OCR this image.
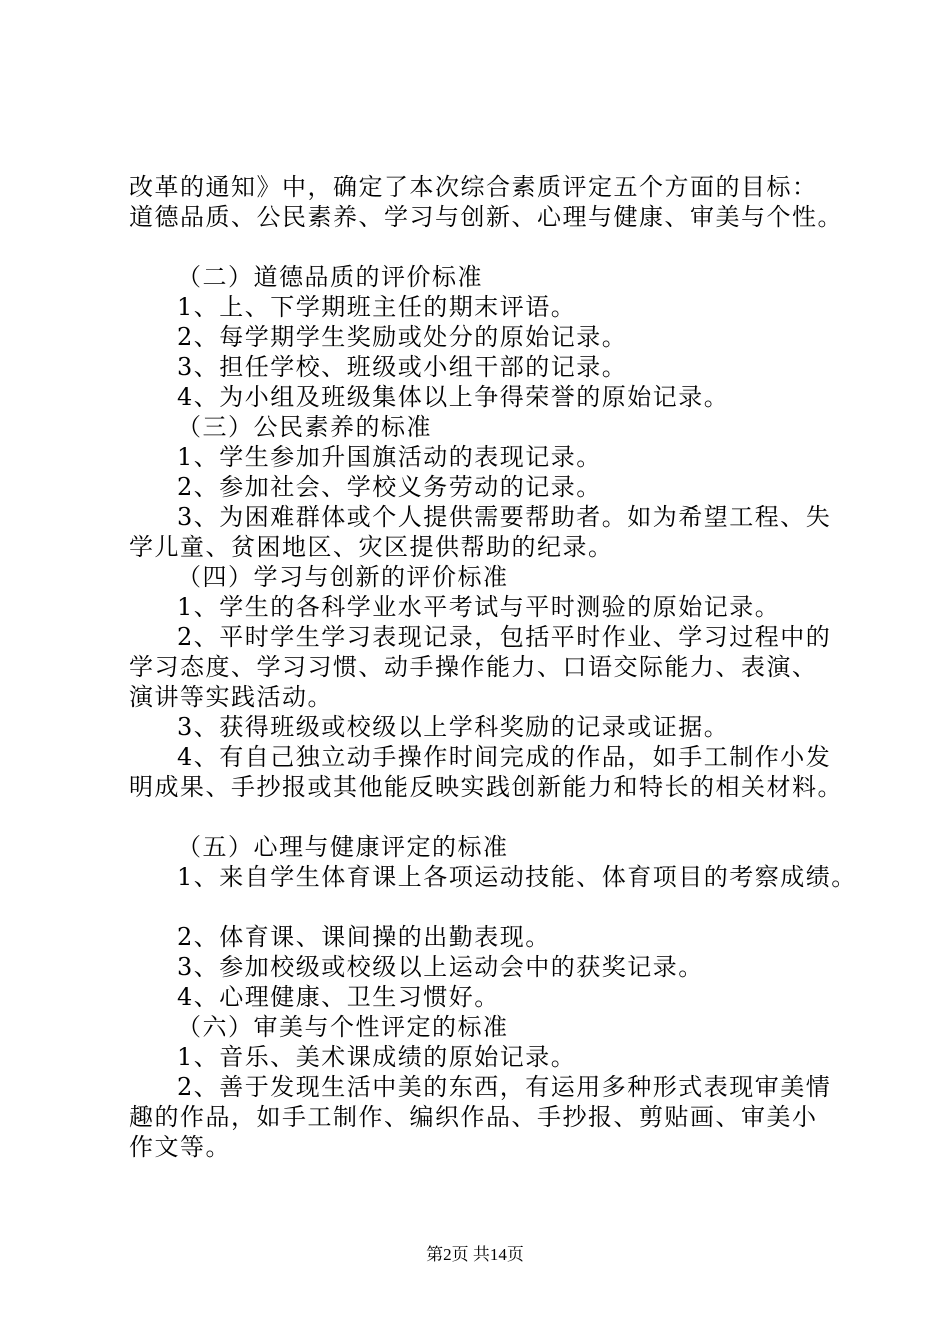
改革的通知》中，确定了本次综合素质评定五个方面的目标：
道德品质、公民素养、学习与创新、心理与健康、审美与个性。
（二）道德品质的评价标准
1、上、下学期班主任的期末评语。
2、每学期学生奖励或处分的原始记录。
3、担任学校、班级或小组干部的记录。
4、为小组及班级集体以上争得荣誉的原始记录。
（三）公民素养的标准
1、学生参加升国旗活动的表现记录。
2、参加社会、学校义务劳动的记录。
3、为困难群体或个人提供需要帮助者。如为希望工程、失
学儿童、贫困地区、灾区提供帮助的纪录。
（四）学习与创新的评价标准
1、学生的各科学业水平考试与平时测验的原始记录。
2、平时学生学习表现记录，包括平时作业、学习过程中的
学习态度、学习习惯、动手操作能力、口语交际能力、表演、
演讲等实践活动。
3、获得班级或校级以上学科奖励的记录或证据。
4、有自己独立动手操作时间完成的作品，如手工制作小发
明成果、手抄报或其他能反映实践创新能力和特长的相关材料。
（五）心理与健康评定的标准
1、来自学生体育课上各项运动技能、体育项目的考察成绩。
2、体育课、课间操的出勤表现。
3、参加校级或校级以上运动会中的获奖记录。
4、心理健康、卫生习惯好。
（六）审美与个性评定的标准
1、音乐、美术课成绩的原始记录。
2、善于发现生活中美的东西，有运用多种形式表现审美情
趣的作品，如手工制作、编织作品、手抄报、剪贴画、审美小
作文等。
第2页 共14页
